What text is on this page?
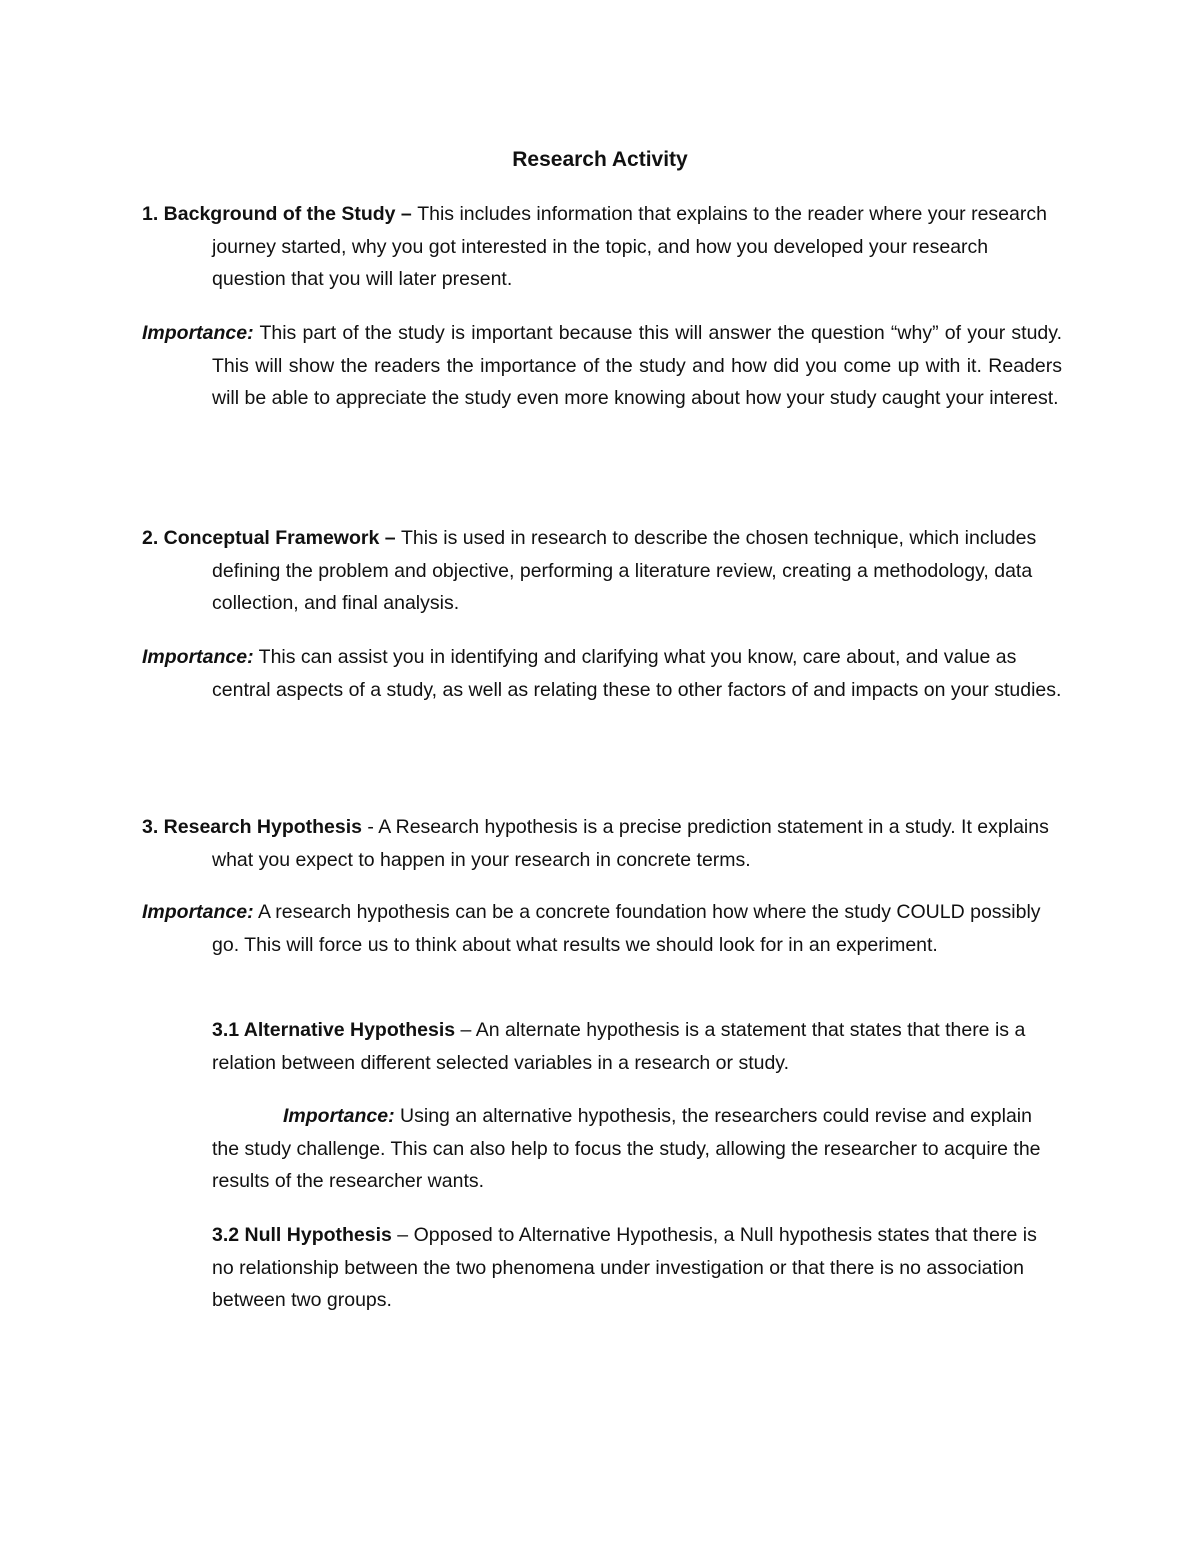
Research Activity

1. Background of the Study – This includes information that explains to the reader where your research journey started, why you got interested in the topic, and how you developed your research question that you will later present.

Importance: This part of the study is important because this will answer the question “why” of your study. This will show the readers the importance of the study and how did you come up with it. Readers will be able to appreciate the study even more knowing about how your study caught your interest.

2. Conceptual Framework – This is used in research to describe the chosen technique, which includes defining the problem and objective, performing a literature review, creating a methodology, data collection, and final analysis.

Importance: This can assist you in identifying and clarifying what you know, care about, and value as central aspects of a study, as well as relating these to other factors of and impacts on your studies.

3. Research Hypothesis - A Research hypothesis is a precise prediction statement in a study. It explains what you expect to happen in your research in concrete terms.

Importance: A research hypothesis can be a concrete foundation how where the study COULD possibly go. This will force us to think about what results we should look for in an experiment.

3.1 Alternative Hypothesis – An alternate hypothesis is a statement that states that there is a relation between different selected variables in a research or study.

Importance: Using an alternative hypothesis, the researchers could revise and explain the study challenge. This can also help to focus the study, allowing the researcher to acquire the results of the researcher wants.

3.2 Null Hypothesis – Opposed to Alternative Hypothesis, a Null hypothesis states that there is no relationship between the two phenomena under investigation or that there is no association between two groups.
